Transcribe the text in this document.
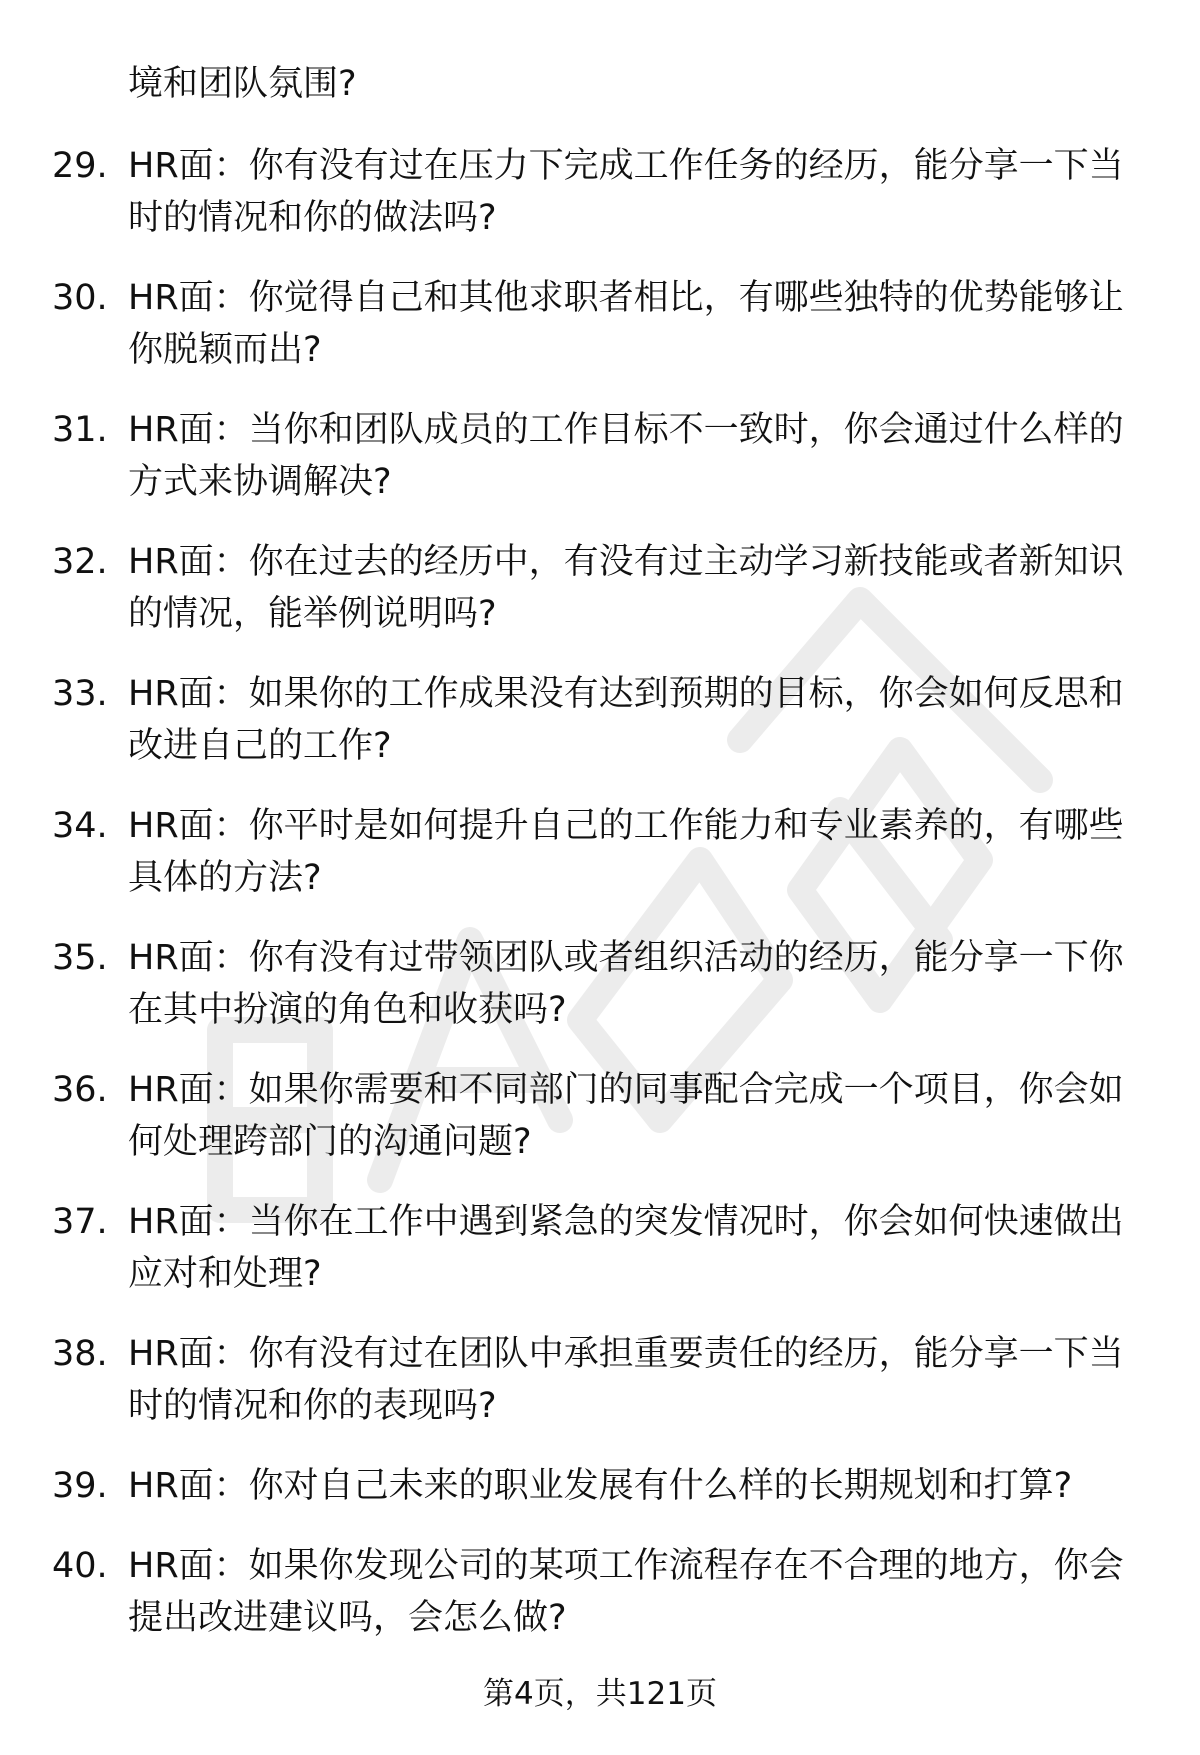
境和团队氛围?
29. HR面：你有没有过在压力下完成工作任务的经历，能分享一下当时的情况和你的做法吗?
30. HR面：你觉得自己和其他求职者相比，有哪些独特的优势能够让你脱颖而出?
31. HR面：当你和团队成员的工作目标不一致时，你会通过什么样的方式来协调解决?
32. HR面：你在过去的经历中，有没有过主动学习新技能或者新知识的情况，能举例说明吗?
33. HR面：如果你的工作成果没有达到预期的目标，你会如何反思和改进自己的工作?
34. HR面：你平时是如何提升自己的工作能力和专业素养的，有哪些具体的方法?
35. HR面：你有没有过带领团队或者组织活动的经历，能分享一下你在其中扮演的角色和收获吗?
36. HR面：如果你需要和不同部门的同事配合完成一个项目，你会如何处理跨部门的沟通问题?
37. HR面：当你在工作中遇到紧急的突发情况时，你会如何快速做出应对和处理?
38. HR面：你有没有过在团队中承担重要责任的经历，能分享一下当时的情况和你的表现吗?
39. HR面：你对自己未来的职业发展有什么样的长期规划和打算?
40. HR面：如果你发现公司的某项工作流程存在不合理的地方，你会提出改进建议吗，会怎么做?
第4页，共121页
